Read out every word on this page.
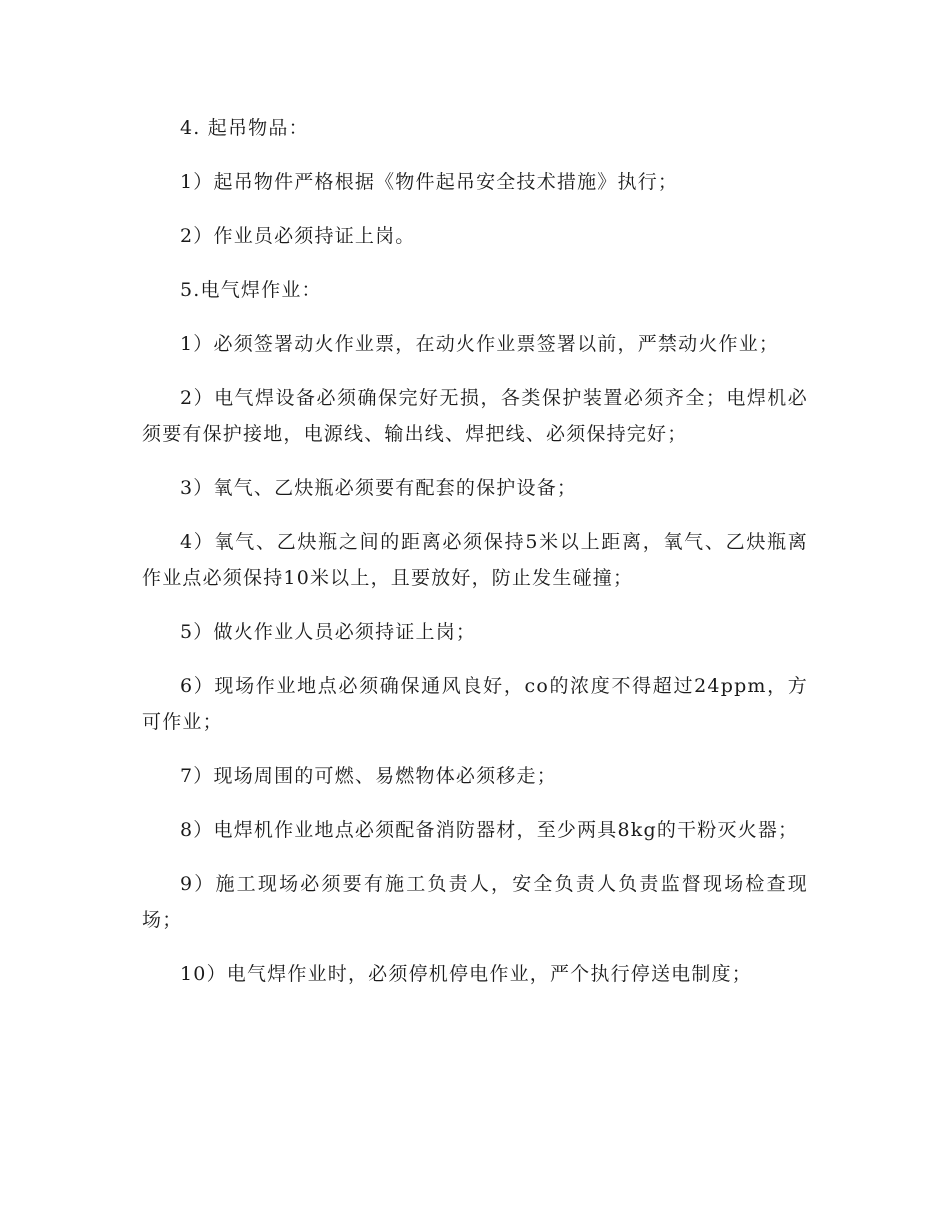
4. 起吊物品：

1）起吊物件严格根据《物件起吊安全技术措施》执行；

2）作业员必须持证上岗。

5.电气焊作业：

1）必须签署动火作业票，在动火作业票签署以前，严禁动火作业；

2）电气焊设备必须确保完好无损，各类保护装置必须齐全；电焊机必须要有保护接地，电源线、输出线、焊把线、必须保持完好；

3）氧气、乙炔瓶必须要有配套的保护设备；

4）氧气、乙炔瓶之间的距离必须保持5米以上距离，氧气、乙炔瓶离作业点必须保持10米以上，且要放好，防止发生碰撞；

5）做火作业人员必须持证上岗；

6）现场作业地点必须确保通风良好，co的浓度不得超过24ppm，方可作业；

7）现场周围的可燃、易燃物体必须移走；

8）电焊机作业地点必须配备消防器材，至少两具8kg的干粉灭火器；

9）施工现场必须要有施工负责人，安全负责人负责监督现场检查现场；

10）电气焊作业时，必须停机停电作业，严个执行停送电制度；
